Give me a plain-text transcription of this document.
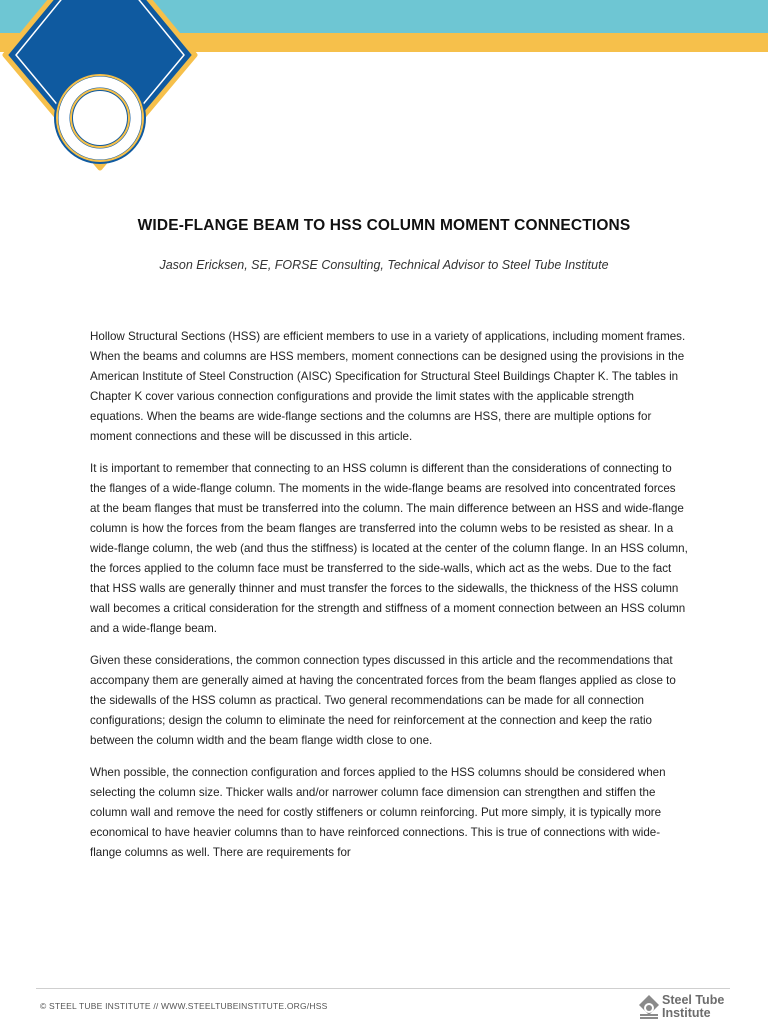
WIDE-FLANGE BEAM TO HSS COLUMN MOMENT CONNECTIONS
Jason Ericksen, SE, FORSE Consulting, Technical Advisor to Steel Tube Institute

Hollow Structural Sections (HSS) are efficient members to use in a variety of applications, including moment frames. When the beams and columns are HSS members, moment connections can be designed using the provisions in the American Institute of Steel Construction (AISC) Specification for Structural Steel Buildings Chapter K. The tables in Chapter K cover various connection configurations and provide the limit states with the applicable strength equations. When the beams are wide-flange sections and the columns are HSS, there are multiple options for moment connections and these will be discussed in this article.

It is important to remember that connecting to an HSS column is different than the considerations of connecting to the flanges of a wide-flange column. The moments in the wide-flange beams are resolved into concentrated forces at the beam flanges that must be transferred into the column. The main difference between an HSS and wide-flange column is how the forces from the beam flanges are transferred into the column webs to be resisted as shear. In a wide-flange column, the web (and thus the stiffness) is located at the center of the column flange. In an HSS column, the forces applied to the column face must be transferred to the side-walls, which act as the webs. Due to the fact that HSS walls are generally thinner and must transfer the forces to the sidewalls, the thickness of the HSS column wall becomes a critical consideration for the strength and stiffness of a moment connection between an HSS column and a wide-flange beam.

Given these considerations, the common connection types discussed in this article and the recommendations that accompany them are generally aimed at having the concentrated forces from the beam flanges applied as close to the sidewalls of the HSS column as practical. Two general recommendations can be made for all connection configurations; design the column to eliminate the need for reinforcement at the connection and keep the ratio between the column width and the beam flange width close to one.

When possible, the connection configuration and forces applied to the HSS columns should be considered when selecting the column size. Thicker walls and/or narrower column face dimension can strengthen and stiffen the column wall and remove the need for costly stiffeners or column reinforcing. Put more simply, it is typically more economical to have heavier columns than to have reinforced connections. This is true of connections with wide-flange columns as well. There are requirements for

© STEEL TUBE INSTITUTE // WWW.STEELTUBEINSTITUTE.ORG/HSS	Steel Tube
Institute
